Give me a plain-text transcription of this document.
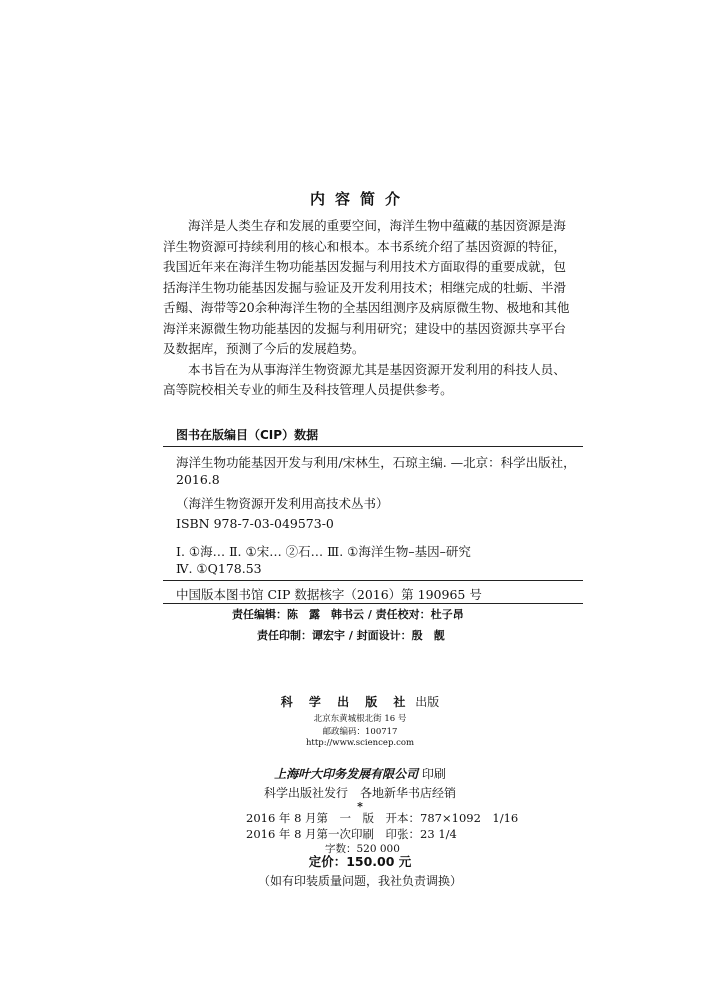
内容简介
海洋是人类生存和发展的重要空间，海洋生物中蕴藏的基因资源是海
洋生物资源可持续利用的核心和根本。本书系统介绍了基因资源的特征，
我国近年来在海洋生物功能基因发掘与利用技术方面取得的重要成就，包
括海洋生物功能基因发掘与验证及开发利用技术；相继完成的牡蛎、半滑
舌鳎、海带等20余种海洋生物的全基因组测序及病原微生物、极地和其他
海洋来源微生物功能基因的发掘与利用研究；建设中的基因资源共享平台
及数据库，预测了今后的发展趋势。
本书旨在为从事海洋生物资源尤其是基因资源开发利用的科技人员、
高等院校相关专业的师生及科技管理人员提供参考。
图书在版编目（CIP）数据
海洋生物功能基因开发与利用/宋林生，石琼主编. —北京：科学出版社，
2016.8
（海洋生物资源开发利用高技术丛书）
ISBN 978-7-03-049573-0
Ⅰ. ①海… Ⅱ. ①宋… ②石… Ⅲ. ①海洋生物–基因–研究
Ⅳ. ①Q178.53
中国版本图书馆 CIP 数据核字（2016）第 190965 号
责任编辑：陈　露　韩书云 / 责任校对：杜子昂
责任印制：谭宏宇 / 封面设计：殷　靓
科 学 出 版 社 出版
北京东黄城根北街 16 号
邮政编码：100717
http://www.sciencep.com
上海叶大印务发展有限公司 印刷
科学出版社发行　各地新华书店经销
*
2016 年 8 月第　一　版　开本：787×1092　1/16
2016 年 8 月第一次印刷　印张：23 1/4
字数：520 000
定价：150.00 元
（如有印装质量问题，我社负责调换）
